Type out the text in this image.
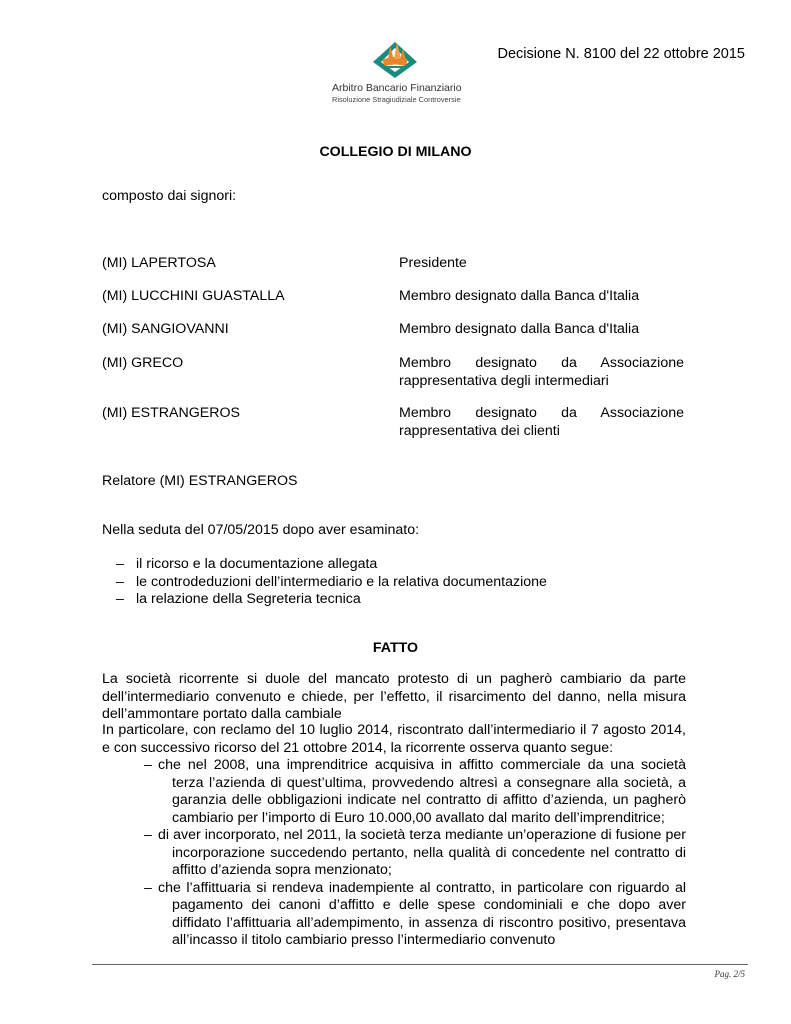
Arbitro Bancario Finanziario
Risoluzione Stragiudiziale Controversie
Decisione N. 8100 del 22 ottobre 2015
COLLEGIO DI MILANO
composto dai signori:
(MI) LAPERTOSA	Presidente
(MI) LUCCHINI GUASTALLA	Membro designato dalla Banca d'Italia
(MI) SANGIOVANNI	Membro designato dalla Banca d'Italia
(MI) GRECO	Membro designato da Associazione rappresentativa degli intermediari
(MI) ESTRANGEROS	Membro designato da Associazione rappresentativa dei clienti
Relatore (MI) ESTRANGEROS
Nella seduta del 07/05/2015 dopo aver esaminato:
– il ricorso e la documentazione allegata
– le controdeduzioni dell’intermediario e la relativa documentazione
– la relazione della Segreteria tecnica
FATTO
La società ricorrente si duole del mancato protesto di un pagherò cambiario da parte dell’intermediario convenuto e chiede, per l’effetto, il risarcimento del danno, nella misura dell’ammontare portato dalla cambiale
In particolare, con reclamo del 10 luglio 2014, riscontrato dall’intermediario il 7 agosto 2014, e con successivo ricorso del 21 ottobre 2014, la ricorrente osserva quanto segue:
– che nel 2008, una imprenditrice acquisiva in affitto commerciale da una società terza l’azienda di quest’ultima, provvedendo altresì a consegnare alla società, a garanzia delle obbligazioni indicate nel contratto di affitto d’azienda, un pagherò cambiario per l’importo di Euro 10.000,00 avallato dal marito dell’imprenditrice;
– di aver incorporato, nel 2011, la società terza mediante un’operazione di fusione per incorporazione succedendo pertanto, nella qualità di concedente nel contratto di affitto d’azienda sopra menzionato;
– che l’affittuaria si rendeva inadempiente al contratto, in particolare con riguardo al pagamento dei canoni d’affitto e delle spese condominiali e che dopo aver diffidato l’affittuaria all’adempimento, in assenza di riscontro positivo, presentava all’incasso il titolo cambiario presso l’intermediario convenuto
Pag. 2/5
